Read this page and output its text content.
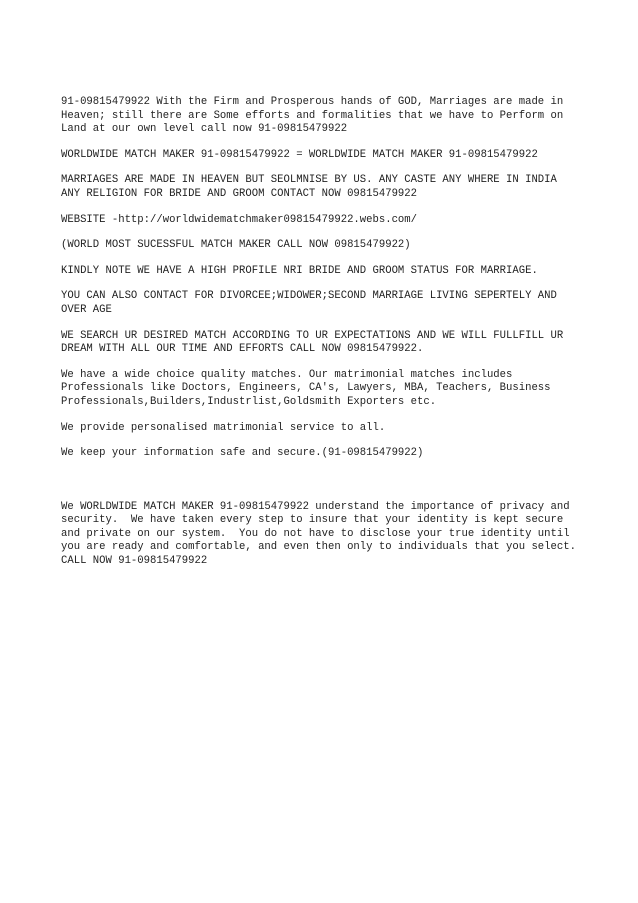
91-09815479922 With the Firm and Prosperous hands of GOD, Marriages are made in Heaven; still there are Some efforts and formalities that we have to Perform on Land at our own level call now 91-09815479922

WORLDWIDE MATCH MAKER 91-09815479922 = WORLDWIDE MATCH MAKER 91-09815479922

MARRIAGES ARE MADE IN HEAVEN BUT SEOLMNISE BY US. ANY CASTE ANY WHERE IN INDIA ANY RELIGION FOR BRIDE AND GROOM CONTACT NOW 09815479922

WEBSITE -http://worldwidematchmaker09815479922.webs.com/

(WORLD MOST SUCESSFUL MATCH MAKER CALL NOW 09815479922)

KINDLY NOTE WE HAVE A HIGH PROFILE NRI BRIDE AND GROOM STATUS FOR MARRIAGE.

YOU CAN ALSO CONTACT FOR DIVORCEE;WIDOWER;SECOND MARRIAGE LIVING SEPERTELY AND OVER AGE

WE SEARCH UR DESIRED MATCH ACCORDING TO UR EXPECTATIONS AND WE WILL FULLFILL UR DREAM WITH ALL OUR TIME AND EFFORTS CALL NOW 09815479922.

We have a wide choice quality matches. Our matrimonial matches includes Professionals like Doctors, Engineers, CA's, Lawyers, MBA, Teachers, Business Professionals,Builders,Industrlist,Goldsmith Exporters etc.

We provide personalised matrimonial service to all.

We keep your information safe and secure.(91-09815479922)

We WORLDWIDE MATCH MAKER 91-09815479922 understand the importance of privacy and security.  We have taken every step to insure that your identity is kept secure and private on our system.  You do not have to disclose your true identity until you are ready and comfortable, and even then only to individuals that you select.

CALL NOW 91-09815479922
